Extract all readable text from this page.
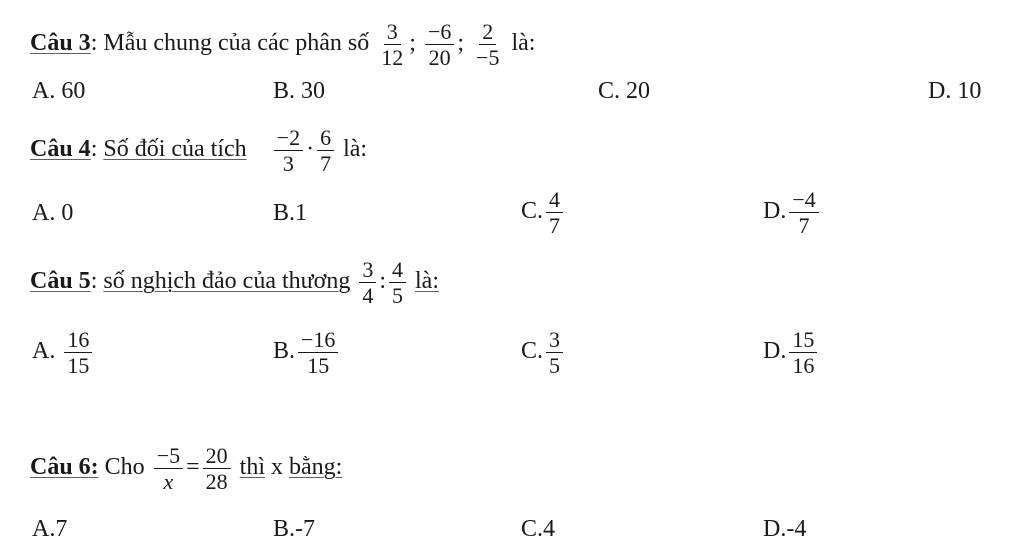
Câu 3: Mẫu chung của các phân số $\frac{3}{12}$ ; $\frac{-6}{20}$ ; $\frac{2}{-5}$ là:
A. 60	B. 30	C. 20	D. 10
Câu 4: Số đối của tích $\frac{-2}{3} \cdot \frac{6}{7}$ là:
A. 0	B.1	C. $\frac{4}{7}$	D. $\frac{-4}{7}$
Câu 5: số nghịch đảo của thương $\frac{3}{4}$ : $\frac{4}{5}$ là:
A. $\frac{16}{15}$	B. $\frac{-16}{15}$	C. $\frac{3}{5}$	D. $\frac{15}{16}$
Câu 6: Cho $\frac{-5}{x} = \frac{20}{28}$ thì x bằng:
A.7	B.-7	C.4	D.-4
